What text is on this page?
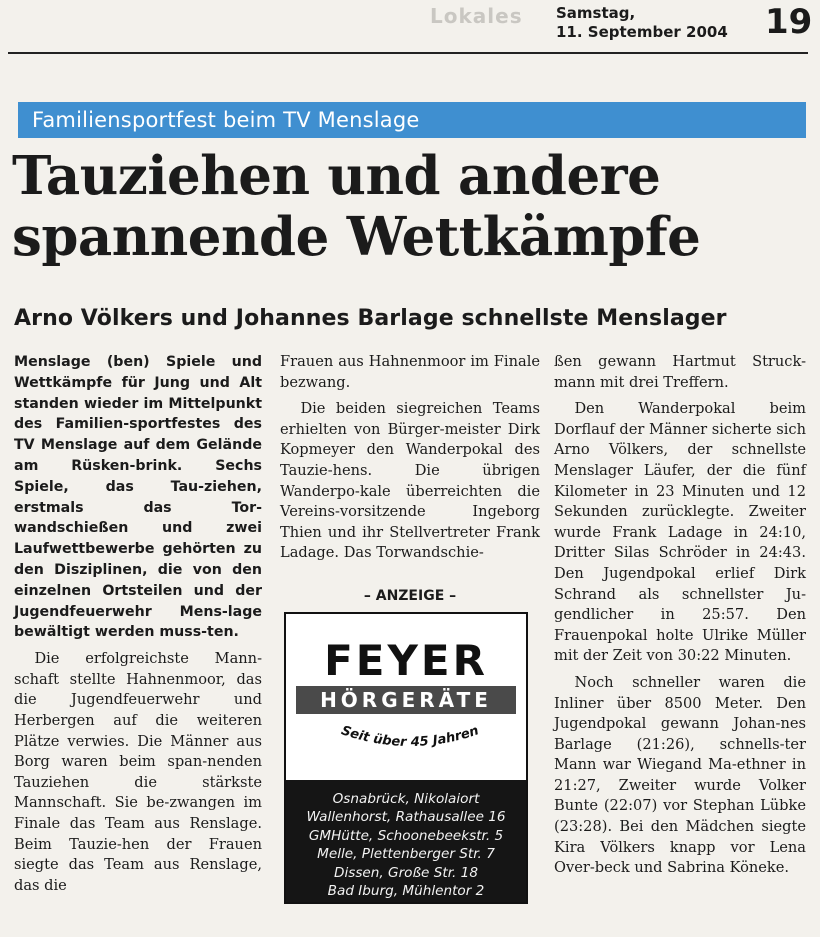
Lokales Samstag,
11. September 2004 19
Familiensportfest beim TV Menslage
Tauziehen und andere spannende Wettkämpfe
Arno Völkers und Johannes Barlage schnellste Menslager

Menslage (ben) Spiele und Wettkämpfe für Jung und Alt standen wieder im Mittelpunkt des Familien-sportfestes des TV Menslage auf dem Gelände am Rüsken-brink. Sechs Spiele, das Tau-ziehen, erstmals das Tor-wandschießen und zwei Laufwettbewerbe gehörten zu den Disziplinen, die von den einzelnen Ortsteilen und der Jugendfeuerwehr Mens-lage bewältigt werden muss-ten.

Die erfolgreichste Mann-schaft stellte Hahnenmoor, das die Jugendfeuerwehr und Herbergen auf die weiteren Plätze verwies. Die Männer aus Borg waren beim span-nenden Tauziehen die stärkste Mannschaft. Sie be-zwangen im Finale das Team aus Renslage. Beim Tauzie-hen der Frauen siegte das Team aus Renslage, das die

Frauen aus Hahnenmoor im Finale bezwang.

Die beiden siegreichen Teams erhielten von Bürger-meister Dirk Kopmeyer den Wanderpokal des Tauzie-hens. Die übrigen Wanderpo-kale überreichten die Vereins-vorsitzende Ingeborg Thien und ihr Stellvertreter Frank Ladage. Das Torwandschie-

– ANZEIGE –
FEYER
HÖRGERÄTE
Seit über 45 Jahren
Osnabrück, Nikolaiort
Wallenhorst, Rathausallee 16
GMHütte, Schoonebeekstr. 5
Melle, Plettenberger Str. 7
Dissen, Große Str. 18
Bad Iburg, Mühlentor 2

ßen gewann Hartmut Struck-mann mit drei Treffern.

Den Wanderpokal beim Dorflauf der Männer sicherte sich Arno Völkers, der schnellste Menslager Läufer, der die fünf Kilometer in 23 Minuten und 12 Sekunden zurücklegte. Zweiter wurde Frank Ladage in 24:10, Dritter Silas Schröder in 24:43. Den Jugendpokal erlief Dirk Schrand als schnellster Ju-gendlicher in 25:57. Den Frauenpokal holte Ulrike Müller mit der Zeit von 30:22 Minuten.

Noch schneller waren die Inliner über 8500 Meter. Den Jugendpokal gewann Johan-nes Barlage (21:26), schnells-ter Mann war Wiegand Ma-ethner in 21:27, Zweiter wurde Volker Bunte (22:07) vor Stephan Lübke (23:28). Bei den Mädchen siegte Kira Völkers knapp vor Lena Over-beck und Sabrina Köneke.
